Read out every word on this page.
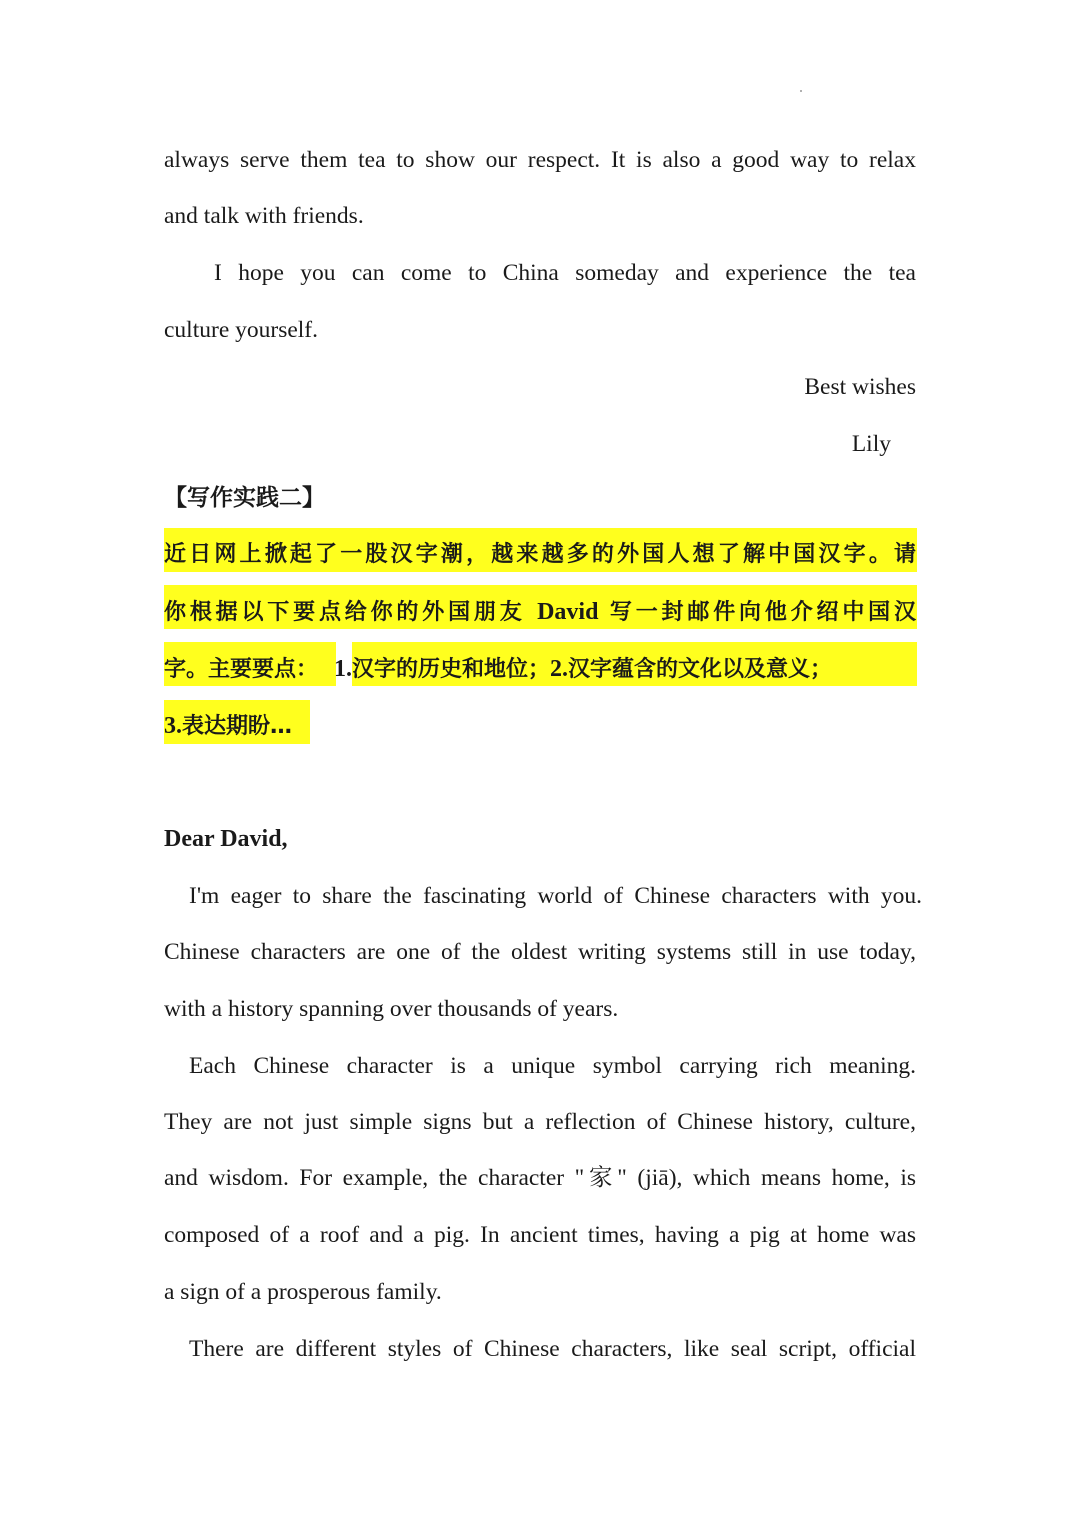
always serve them tea to show our respect. It is also a good way to relax
and talk with friends.
I hope you can come to China someday and experience the tea
culture yourself.
Best wishes
Lily
【写作实践二】
近日网上掀起了一股汉字潮，越来越多的外国人想了解中国汉字。请
你根据以下要点给你的外国朋友 David 写一封邮件向他介绍中国汉
字。主要要点： 1.汉字的历史和地位；2.汉字蕴含的文化以及意义；
3.表达期盼…
Dear David,
I'm eager to share the fascinating world of Chinese characters with you.
Chinese characters are one of the oldest writing systems still in use today,
with a history spanning over thousands of years.
Each Chinese character is a unique symbol carrying rich meaning.
They are not just simple signs but a reflection of Chinese history, culture,
and wisdom. For example, the character "家" (jiā), which means home, is
composed of a roof and a pig. In ancient times, having a pig at home was
a sign of a prosperous family.
There are different styles of Chinese characters, like seal script, official
